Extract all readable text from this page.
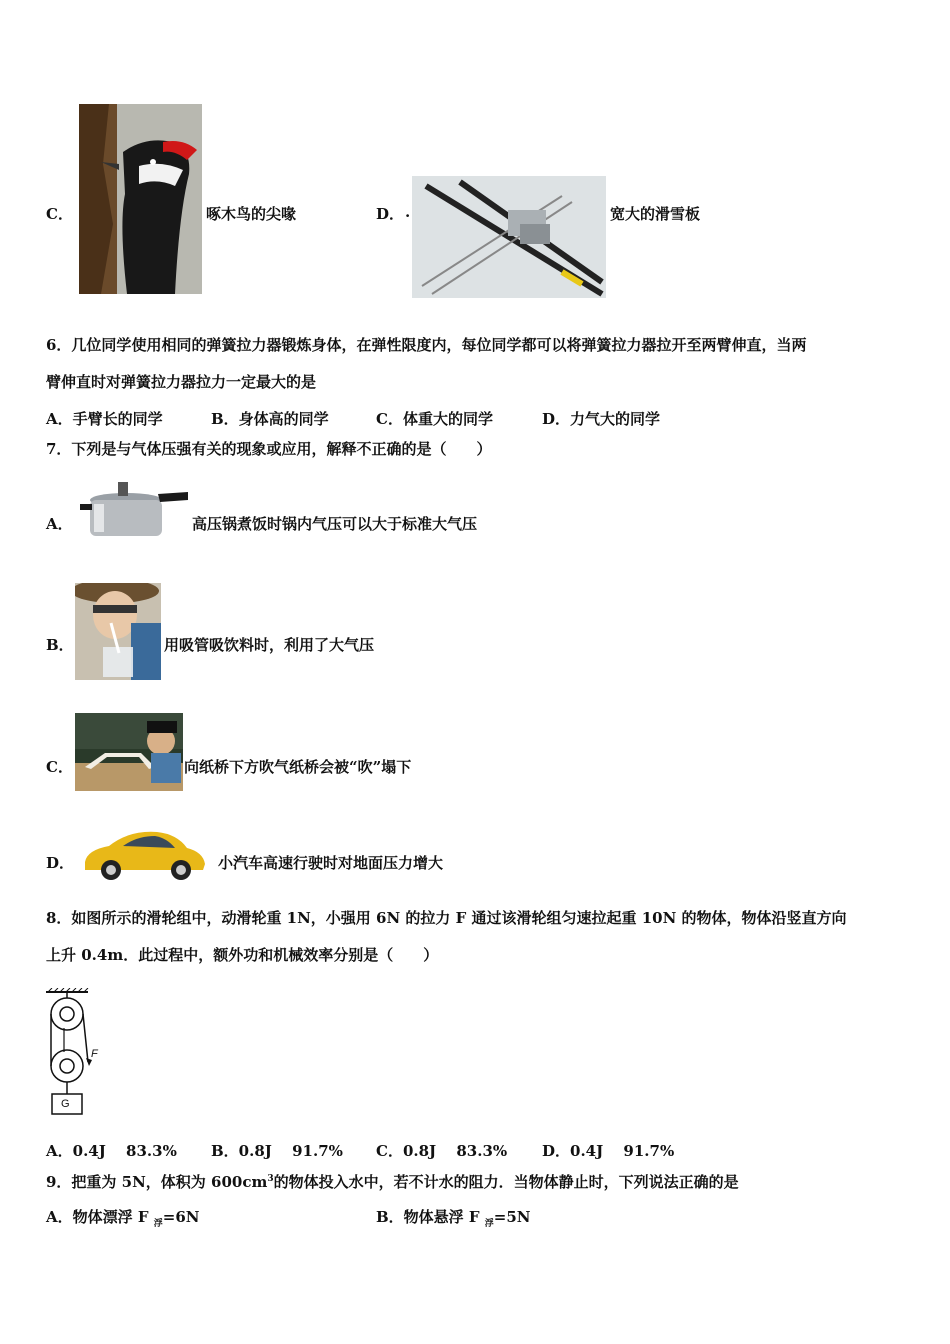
C．	啄木鸟的尖喙	D． .	宽大的滑雪板
6．几位同学使用相同的弹簧拉力器锻炼身体，在弹性限度内，每位同学都可以将弹簧拉力器拉开至两臂伸直，当两
臂伸直时对弹簧拉力器拉力一定最大的是
A．手臂长的同学	B．身体高的同学	C．体重大的同学	D．力气大的同学
7．下列是与气体压强有关的现象或应用，解释不正确的是（　　）
A．	高压锅煮饭时锅内气压可以大于标准大气压
B．	用吸管吸饮料时，利用了大气压
C．	向纸桥下方吹气纸桥会被“吹”塌下
D．	小汽车高速行驶时对地面压力增大
8．如图所示的滑轮组中，动滑轮重 1N，小强用 6N 的拉力 F 通过该滑轮组匀速拉起重 10N 的物体，物体沿竖直方向
上升 0.4m．此过程中，额外功和机械效率分别是（　　）
F
G
A．0.4J　 83.3% B．0.8J　 91.7% C．0.8J　 83.3% D．0.4J　 91.7%
9．把重为 5N，体积为 $600cm^3$的物体投入水中，若不计水的阻力．当物体静止时，下列说法正确的是
A．物体漂浮 F $_浮$=6N	B．物体悬浮 F $_浮$=5N
